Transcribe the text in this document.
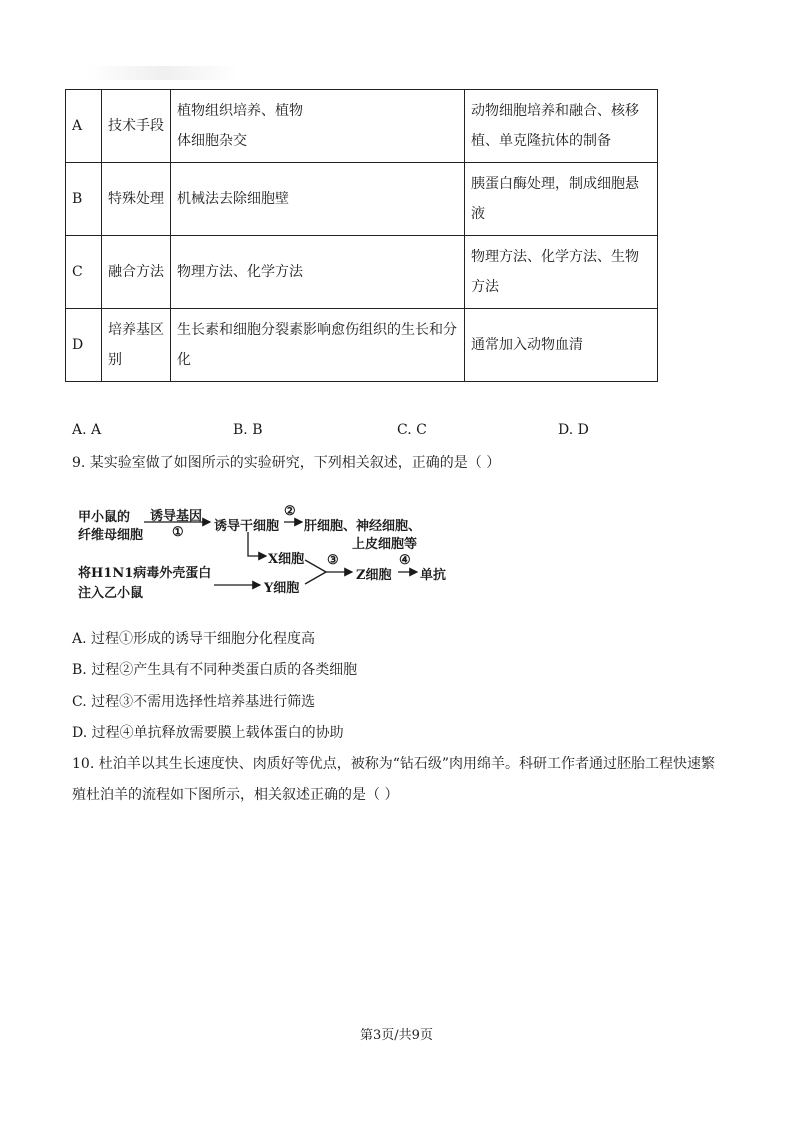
A	技术手段	植物组织培养、植物体细胞杂交	动物细胞培养和融合、核移植、单克隆抗体的制备
B	特殊处理	机械法去除细胞壁	胰蛋白酶处理，制成细胞悬液
C	融合方法	物理方法、化学方法	物理方法、化学方法、生物方法
D	培养基区别	生长素和细胞分裂素影响愈伤组织的生长和分化	通常加入动物血清
A. A	B. B	C. C	D. D
9. 某实验室做了如图所示的实验研究，下列相关叙述，正确的是（ ）
甲小鼠的
纤维母细胞
诱导基因
① 诱导干细胞
②
肝细胞、神经细胞、
上皮细胞等
X细胞
将H1N1病毒外壳蛋白
注入乙小鼠	Y细胞
③
Z细胞
④
单抗
A. 过程①形成的诱导干细胞分化程度高
B. 过程②产生具有不同种类蛋白质的各类细胞
C. 过程③不需用选择性培养基进行筛选
D. 过程④单抗释放需要膜上载体蛋白的协助
10. 杜泊羊以其生长速度快、肉质好等优点，被称为“钻石级”肉用绵羊。科研工作者通过胚胎工程快速繁
殖杜泊羊的流程如下图所示，相关叙述正确的是（ ）
第3页/共9页
